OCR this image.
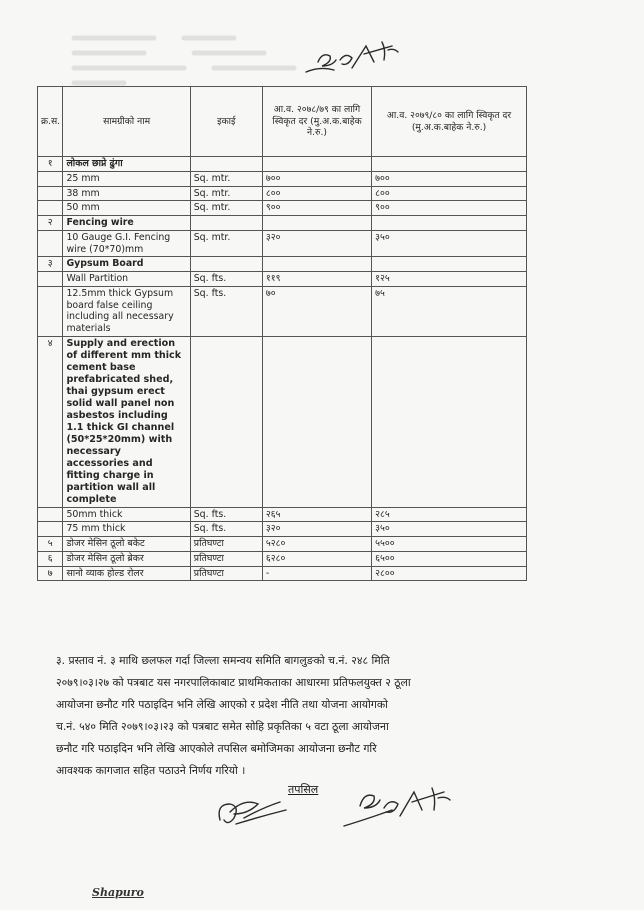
क्र.स.	सामग्रीको नाम	इकाई	आ.व. २०७८/७९ का लागि स्विकृत दर (मु.अ.क.बाहेक ने.रु.)	आ.व. २०७९/८० का लागि स्विकृत दर (मु.अ.क.बाहेक ने.रु.)
१	लोकल छाप्ने ढुंगा			
	25 mm	Sq. mtr.	७००	७००
	38 mm	Sq. mtr.	८००	८००
	50 mm	Sq. mtr.	९००	९००
२	Fencing wire			
	10 Gauge G.I. Fencing wire (70*70)mm	Sq. mtr.	३२०	३५०
३	Gypsum Board			
	Wall Partition	Sq. fts.	११९	१२५
	12.5mm thick Gypsum board false ceiling including all necessary materials	Sq. fts.	७०	७५
४	Supply and erection of different mm thick cement base prefabricated shed, thai gypsum erect solid wall panel non asbestos including 1.1 thick GI channel (50*25*20mm) with necessary accessories and fitting charge in partition wall all complete			
	50mm thick	Sq. fts.	२६५	२८५
	75 mm thick	Sq. fts.	३२०	३५०
५	डोजर मेसिन ठूलो बकेट	प्रतिघण्टा	५२८०	५५००
६	डोजर मेसिन ठूलो ब्रेकर	प्रतिघण्टा	६२८०	६५००
७	सानो व्याक होल्ड रोलर	प्रतिघण्टा	-	२८००
३. प्रस्ताव नं. ३ माथि छलफल गर्दा जिल्ला समन्वय समिति बागलुङको च.नं. २४८ मिति
२०७९।०३।२७ को पत्रबाट यस नगरपालिकाबाट प्राथमिकताका आधारमा प्रतिफलयुक्त २ ठूला
आयोजना छनौट गरि पठाइदिन भनि लेखि आएको र प्रदेश नीति तथा योजना आयोगको
च.नं. ५४० मिति २०७९।०३।२३ को पत्रबाट समेत सोहि प्रकृतिका ५ वटा ठूला आयोजना
छनौट गरि पठाइदिन भनि लेखि आएकोले तपसिल बमोजिमका आयोजना छनौट गरि
आवश्यक कागजात सहित पठाउने निर्णय गरियो ।
तपसिल
Shapuro
